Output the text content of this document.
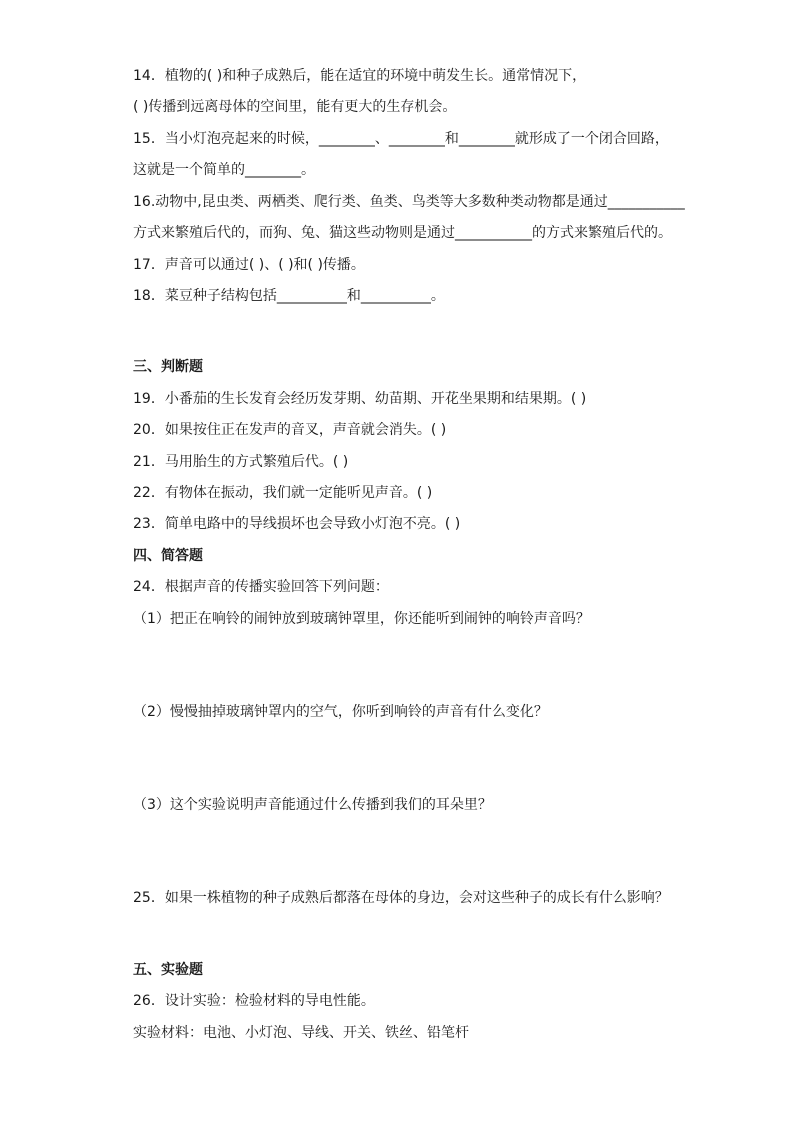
14．植物的( )和种子成熟后，能在适宜的环境中萌发生长。通常情况下，
( )传播到远离母体的空间里，能有更大的生存机会。
15．当小灯泡亮起来的时候，________、________和________就形成了一个闭合回路，
这就是一个简单的________。
16.动物中,昆虫类、两栖类、爬行类、鱼类、鸟类等大多数种类动物都是通过___________
方式来繁殖后代的，而狗、兔、猫这些动物则是通过___________的方式来繁殖后代的。
17．声音可以通过( )、( )和( )传播。
18．菜豆种子结构包括__________和__________。
三、判断题
19．小番茄的生长发育会经历发芽期、幼苗期、开花坐果期和结果期。( )
20．如果按住正在发声的音叉，声音就会消失。( )
21．马用胎生的方式繁殖后代。( )
22．有物体在振动，我们就一定能听见声音。( )
23．简单电路中的导线损坏也会导致小灯泡不亮。( )
四、简答题
24．根据声音的传播实验回答下列问题：
（1）把正在响铃的闹钟放到玻璃钟罩里，你还能听到闹钟的响铃声音吗？
（2）慢慢抽掉玻璃钟罩内的空气，你听到响铃的声音有什么变化？
（3）这个实验说明声音能通过什么传播到我们的耳朵里？
25．如果一株植物的种子成熟后都落在母体的身边，会对这些种子的成长有什么影响？
五、实验题
26．设计实验：检验材料的导电性能。
实验材料：电池、小灯泡、导线、开关、铁丝、铅笔杆
